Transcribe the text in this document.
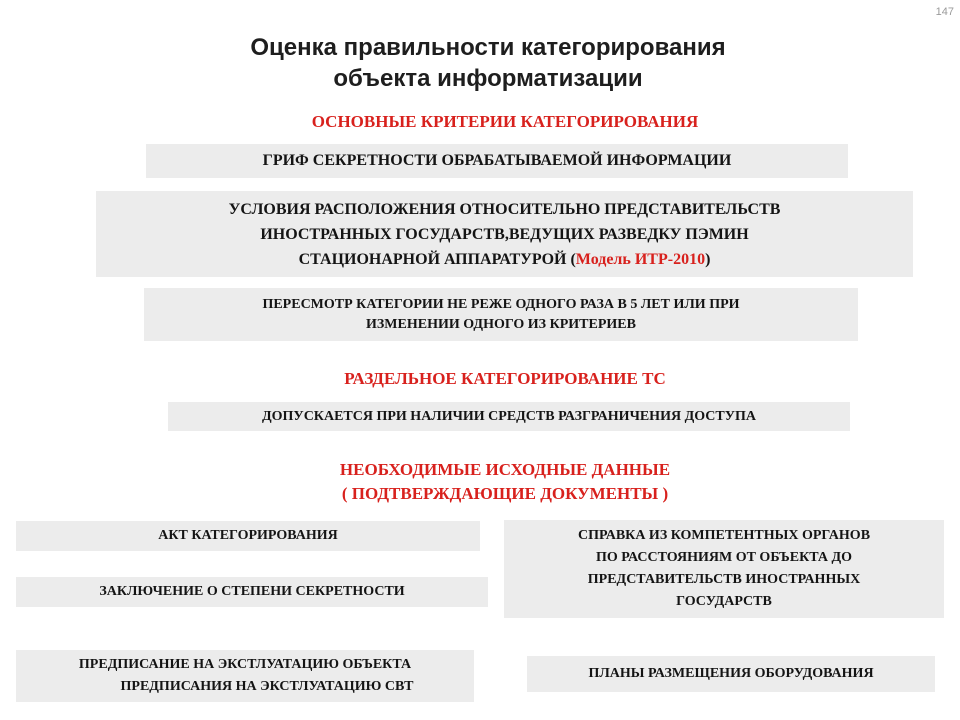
147
Оценка правильности категорирования
объекта информатизации
ОСНОВНЫЕ КРИТЕРИИ КАТЕГОРИРОВАНИЯ
ГРИФ СЕКРЕТНОСТИ ОБРАБАТЫВАЕМОЙ ИНФОРМАЦИИ
УСЛОВИЯ РАСПОЛОЖЕНИЯ ОТНОСИТЕЛЬНО ПРЕДСТАВИТЕЛЬСТВ
ИНОСТРАННЫХ ГОСУДАРСТВ,ВЕДУЩИХ РАЗВЕДКУ ПЭМИН
СТАЦИОНАРНОЙ АППАРАТУРОЙ (Модель ИТР-2010)
ПЕРЕСМОТР КАТЕГОРИИ НЕ РЕЖЕ ОДНОГО РАЗА В 5 ЛЕТ ИЛИ ПРИ
ИЗМЕНЕНИИ ОДНОГО ИЗ КРИТЕРИЕВ
РАЗДЕЛЬНОЕ КАТЕГОРИРОВАНИЕ ТС
ДОПУСКАЕТСЯ ПРИ НАЛИЧИИ СРЕДСТВ РАЗГРАНИЧЕНИЯ ДОСТУПА
НЕОБХОДИМЫЕ ИСХОДНЫЕ ДАННЫЕ
( ПОДТВЕРЖДАЮЩИЕ ДОКУМЕНТЫ )
АКТ КАТЕГОРИРОВАНИЯ
ЗАКЛЮЧЕНИЕ О СТЕПЕНИ СЕКРЕТНОСТИ
ПРЕДПИСАНИЕ НА ЭКСТЛУАТАЦИЮ ОБЪЕКТА
ПРЕДПИСАНИЯ НА ЭКСТЛУАТАЦИЮ СВТ
СПРАВКА ИЗ КОМПЕТЕНТНЫХ ОРГАНОВ
ПО РАССТОЯНИЯМ ОТ ОБЪЕКТА ДО
ПРЕДСТАВИТЕЛЬСТВ ИНОСТРАННЫХ
ГОСУДАРСТВ
ПЛАНЫ РАЗМЕЩЕНИЯ ОБОРУДОВАНИЯ
